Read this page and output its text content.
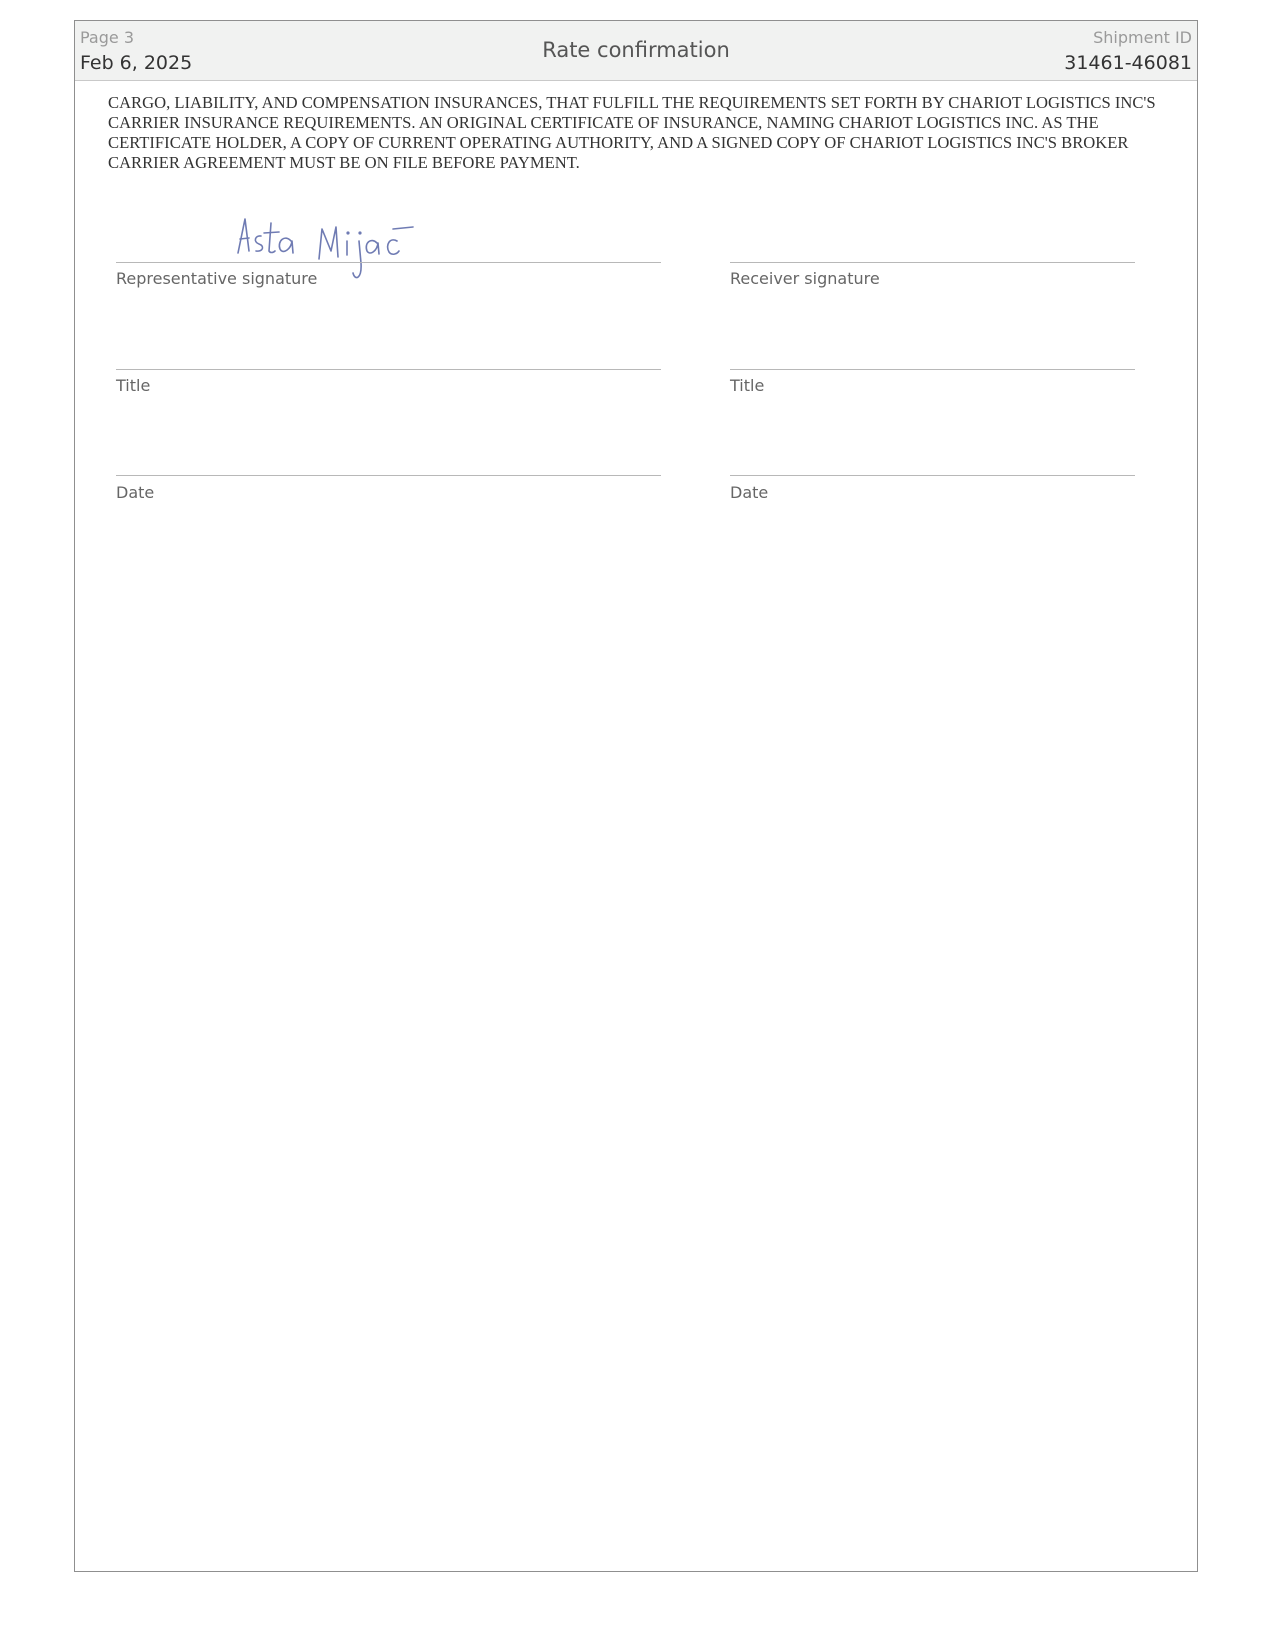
Page 3
Feb 6, 2025
Rate confirmation
Shipment ID
31461-46081
CARGO, LIABILITY, AND COMPENSATION INSURANCES, THAT FULFILL THE REQUIREMENTS SET FORTH BY CHARIOT LOGISTICS INC'S CARRIER INSURANCE REQUIREMENTS. AN ORIGINAL CERTIFICATE OF INSURANCE, NAMING CHARIOT LOGISTICS INC. AS THE CERTIFICATE HOLDER, A COPY OF CURRENT OPERATING AUTHORITY, AND A SIGNED COPY OF CHARIOT LOGISTICS INC'S BROKER CARRIER AGREEMENT MUST BE ON FILE BEFORE PAYMENT.
Representative signature
Title
Date
Receiver signature
Title
Date
